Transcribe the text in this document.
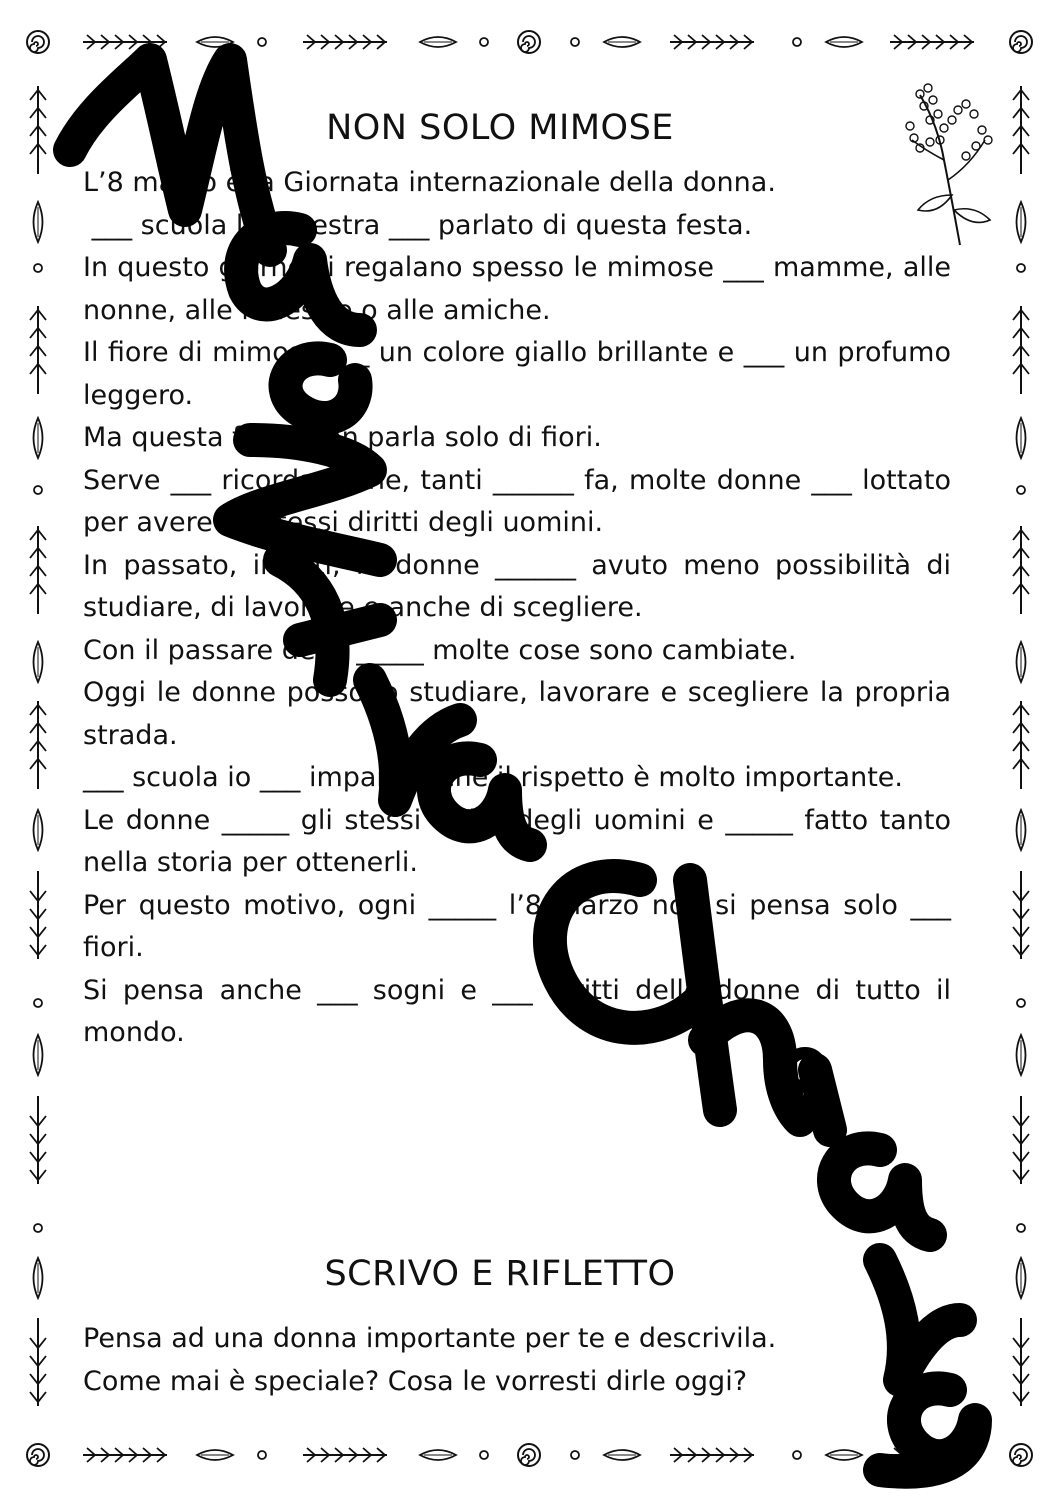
NON SOLO MIMOSE

L’8 marzo è la Giornata internazionale della donna.

___ scuola la maestra ___ parlato di questa festa.

In questo giorno si regalano spesso le mimose ___ mamme, alle nonne, alle maestre o alle amiche.

Il fiore di mimosa ___ un colore giallo brillante e ___ un profumo leggero.

Ma questa festa non parla solo di fiori.

Serve ___ ricordare che, tanti ______ fa, molte donne ___ lottato per avere gli stessi diritti degli uomini.

In passato, infatti, le donne ______ avuto meno possibilità di studiare, di lavorare e anche di scegliere.

Con il passare degli _____ molte cose sono cambiate.

Oggi le donne possono studiare, lavorare e scegliere la propria strada.

___ scuola io ___ imparato che il rispetto è molto importante.

Le donne _____ gli stessi diritti degli uomini e _____ fatto tanto nella storia per ottenerli.

Per questo motivo, ogni _____ l’8 marzo non si pensa solo ___ fiori.

Si pensa anche ___ sogni e ___ diritti delle donne di tutto il mondo.

SCRIVO E RIFLETTO

Pensa ad una donna importante per te e descrivila.

Come mai è speciale? Cosa le vorresti dirle oggi?
